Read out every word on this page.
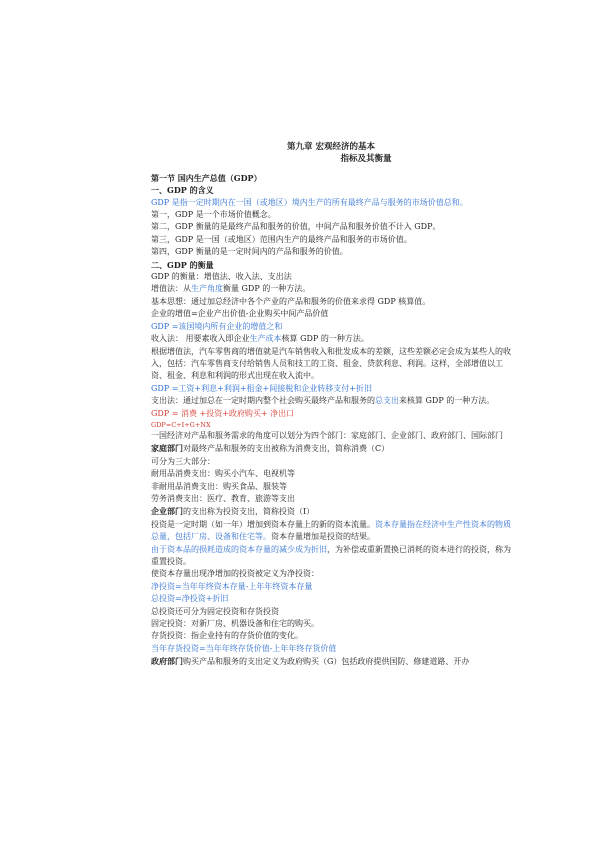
第九章 宏观经济的基本
指标及其衡量
第一节 国内生产总值（GDP）
一、GDP 的含义
GDP 是指一定时期内在一国（或地区）境内生产的所有最终产品与服务的市场价值总和。
第一，GDP 是一个市场价值概念。
第二，GDP 衡量的是最终产品和服务的价值，中间产品和服务价值不计入 GDP。
第三，GDP 是一国（或地区）范围内生产的最终产品和服务的市场价值。
第四，GDP 衡量的是一定时间内的产品和服务的价值。
二、GDP 的衡量
GDP 的衡量：增值法、收入法、支出法
增值法：从生产角度衡量 GDP 的一种方法。
基本思想：通过加总经济中各个产业的产品和服务的价值来求得 GDP 核算值。
企业的增值=企业产出价值-企业购买中间产品价值
GDP =该国境内所有企业的增值之和
收入法： 用要素收入即企业生产成本核算 GDP 的一种方法。
根据增值法，汽车零售商的增值就是汽车销售收入和批发成本的差额，这些差额必定会成为某些人的收入，包括：汽车零售商支付给销售人员和技工的工资、租金、贷款利息、利润。这样，全部增值以工资、租金、利息和利润的形式出现在收入流中。
GDP =工资+利息+利润+租金+间接税和企业转移支付+折旧
支出法：通过加总在一定时期内整个社会购买最终产品和服务的总支出来核算 GDP 的一种方法。
GDP = 消费 +投资+政府购买+ 净出口
GDP=C+I+G+NX
一国经济对产品和服务需求的角度可以划分为四个部门：家庭部门、企业部门、政府部门、国际部门
家庭部门对最终产品和服务的支出被称为消费支出，简称消费（C）
可分为三大部分：
耐用品消费支出：购买小汽车、电视机等
非耐用品消费支出：购买食品、服装等
劳务消费支出：医疗、教育、旅游等支出
企业部门的支出称为投资支出，简称投资（I）
投资是一定时期（如一年）增加到资本存量上的新的资本流量。资本存量指在经济中生产性资本的物质总量，包括厂房、设备和住宅等。资本存量增加是投资的结果。
由于资本品的损耗造成的资本存量的减少成为折旧，为补偿或重新置换已消耗的资本进行的投资，称为重置投资。
使资本存量出现净增加的投资被定义为净投资：
净投资=当年年终资本存量-上年年终资本存量
总投资=净投资+折旧
总投资还可分为固定投资和存货投资
固定投资：对新厂房、机器设备和住宅的购买。
存货投资：指企业持有的存货价值的变化。
当年存货投资=当年年终存货价值-上年年终存货价值
政府部门购买产品和服务的支出定义为政府购买（G）包括政府提供国防、修建道路、开办
